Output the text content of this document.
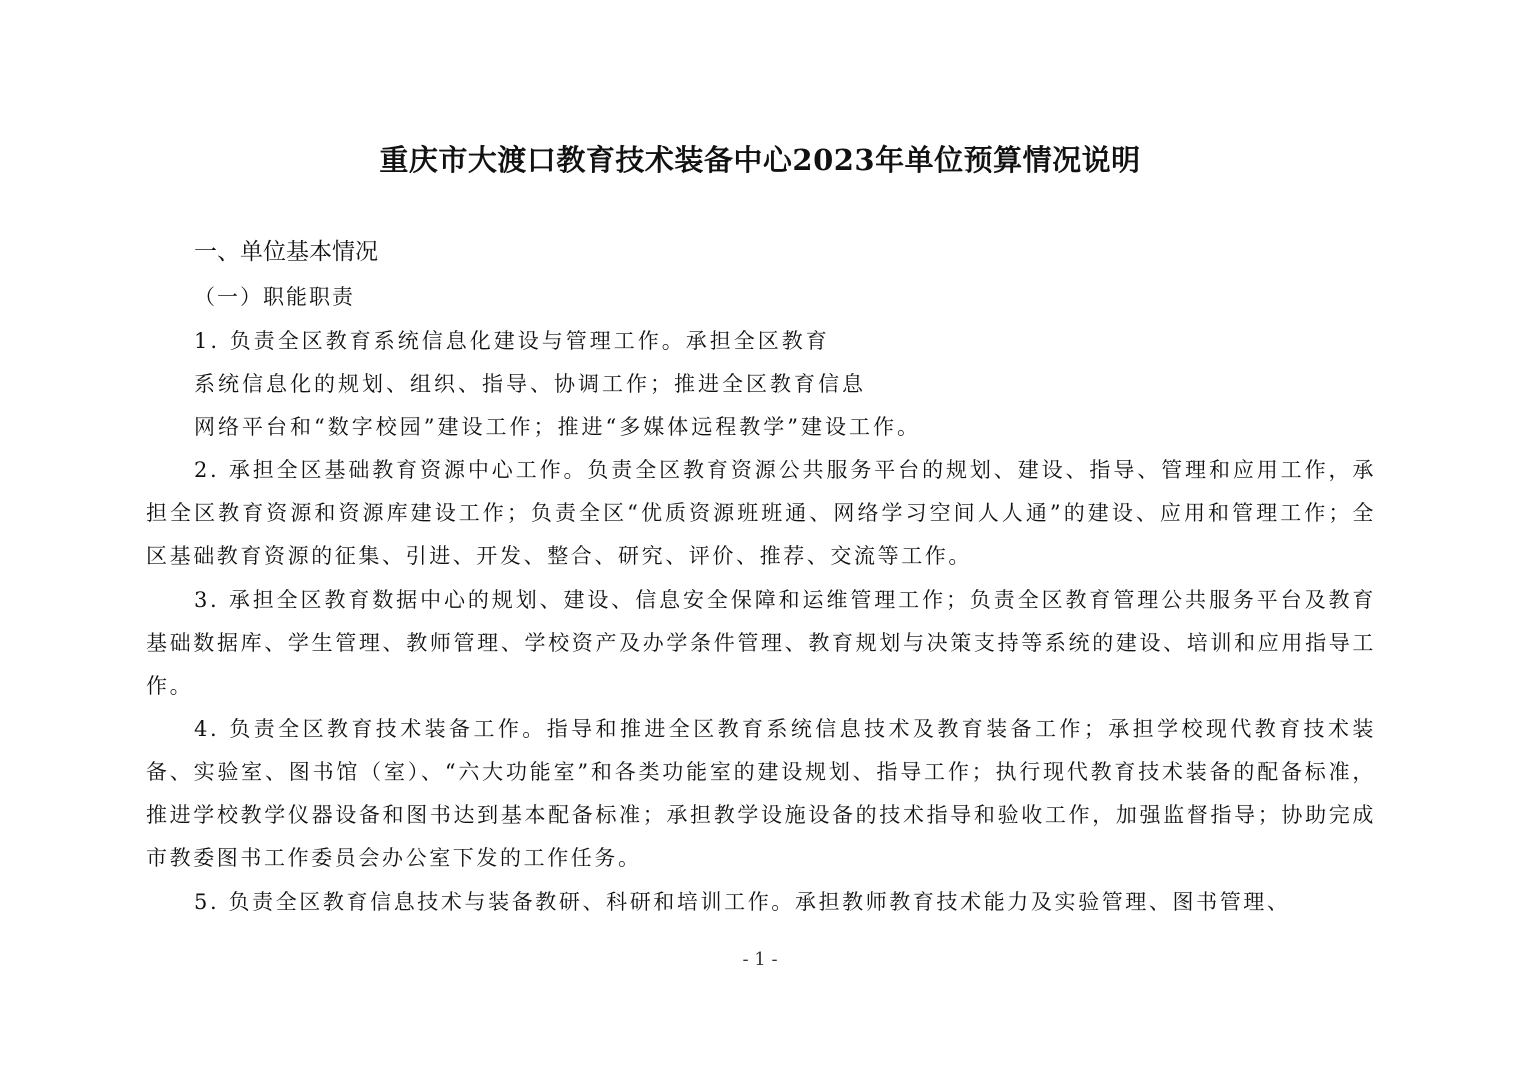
重庆市大渡口教育技术装备中心2023年单位预算情况说明
一、单位基本情况
（一）职能职责
1. 负责全区教育系统信息化建设与管理工作。承担全区教育
系统信息化的规划、组织、指导、协调工作；推进全区教育信息
网络平台和“数字校园”建设工作；推进“多媒体远程教学”建设工作。

2. 承担全区基础教育资源中心工作。负责全区教育资源公共服务平台的规划、建设、指导、管理和应用工作，承担全区教育资源和资源库建设工作；负责全区“优质资源班班通、网络学习空间人人通”的建设、应用和管理工作；全区基础教育资源的征集、引进、开发、整合、研究、评价、推荐、交流等工作。

3. 承担全区教育数据中心的规划、建设、信息安全保障和运维管理工作；负责全区教育管理公共服务平台及教育基础数据库、学生管理、教师管理、学校资产及办学条件管理、教育规划与决策支持等系统的建设、培训和应用指导工作。

4. 负责全区教育技术装备工作。指导和推进全区教育系统信息技术及教育装备工作；承担学校现代教育技术装备、实验室、图书馆（室）、“六大功能室”和各类功能室的建设规划、指导工作；执行现代教育技术装备的配备标准，推进学校教学仪器设备和图书达到基本配备标准；承担教学设施设备的技术指导和验收工作，加强监督指导；协助完成市教委图书工作委员会办公室下发的工作任务。

5. 负责全区教育信息技术与装备教研、科研和培训工作。承担教师教育技术能力及实验管理、图书管理、

- 1 -
